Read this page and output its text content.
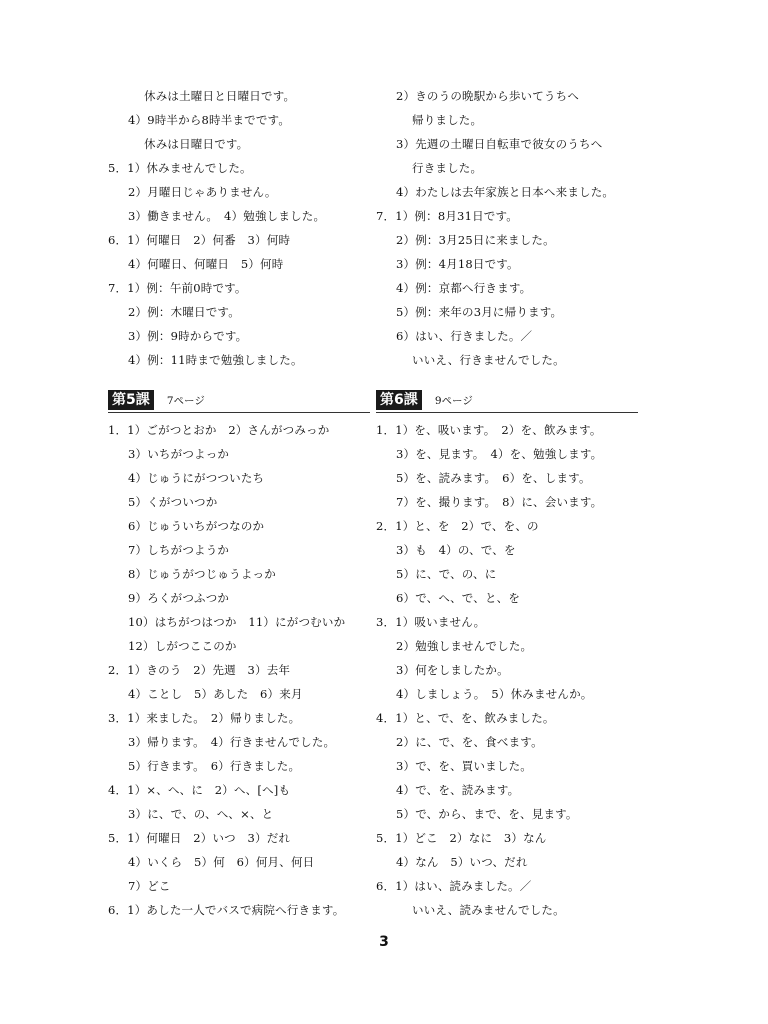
休みは土曜日と日曜日です。
4）9時半から8時半までです。
休みは日曜日です。
5．1）休みませんでした。
2）月曜日じゃありません。
3）働きません。　4）勉強しました。
6．1）何曜日　2）何番　3）何時
4）何曜日、何曜日　5）何時
7．1）例：午前0時です。
2）例：木曜日です。
3）例：9時からです。
4）例：11時まで勉強しました。
2）きのうの晩駅から歩いてうちへ
帰りました。
3）先週の土曜日自転車で彼女のうちへ
行きました。
4）わたしは去年家族と日本へ来ました。
7．1）例：8月31日です。
2）例：3月25日に来ました。
3）例：4月18日です。
4）例：京都へ行きます。
5）例：来年の3月に帰ります。
6）はい、行きました。／
いいえ、行きませんでした。
第5課 7ページ	第6課 9ページ
1．1）ごがつとおか　2）さんがつみっか
3）いちがつよっか
4）じゅうにがつついたち
5）くがついつか
6）じゅういちがつなのか
7）しちがつようか
8）じゅうがつじゅうよっか
9）ろくがつふつか
10）はちがつはつか　11）にがつむいか
12）しがつここのか
2．1）きのう　2）先週　3）去年
4）ことし　5）あした　6）来月
3．1）来ました。　2）帰りました。
3）帰ります。　4）行きませんでした。
5）行きます。　6）行きました。
4．1）×、へ、に　2）へ、[へ]も
3）に、で、の、へ、×、と
5．1）何曜日　2）いつ　3）だれ
4）いくら　5）何　6）何月、何日
7）どこ
6．1）あした一人でバスで病院へ行きます。
1．1）を、吸います。　2）を、飲みます。
3）を、見ます。　4）を、勉強します。
5）を、読みます。　6）を、します。
7）を、撮ります。　8）に、会います。
2．1）と、を　2）で、を、の
3）も　4）の、で、を
5）に、で、の、に
6）で、へ、で、と、を
3．1）吸いません。
2）勉強しませんでした。
3）何をしましたか。
4）しましょう。　5）休みませんか。
4．1）と、で、を、飲みました。
2）に、で、を、食べます。
3）で、を、買いました。
4）で、を、読みます。
5）で、から、まで、を、見ます。
5．1）どこ　2）なに　3）なん
4）なん　5）いつ、だれ
6．1）はい、読みました。／
いいえ、読みませんでした。
3
